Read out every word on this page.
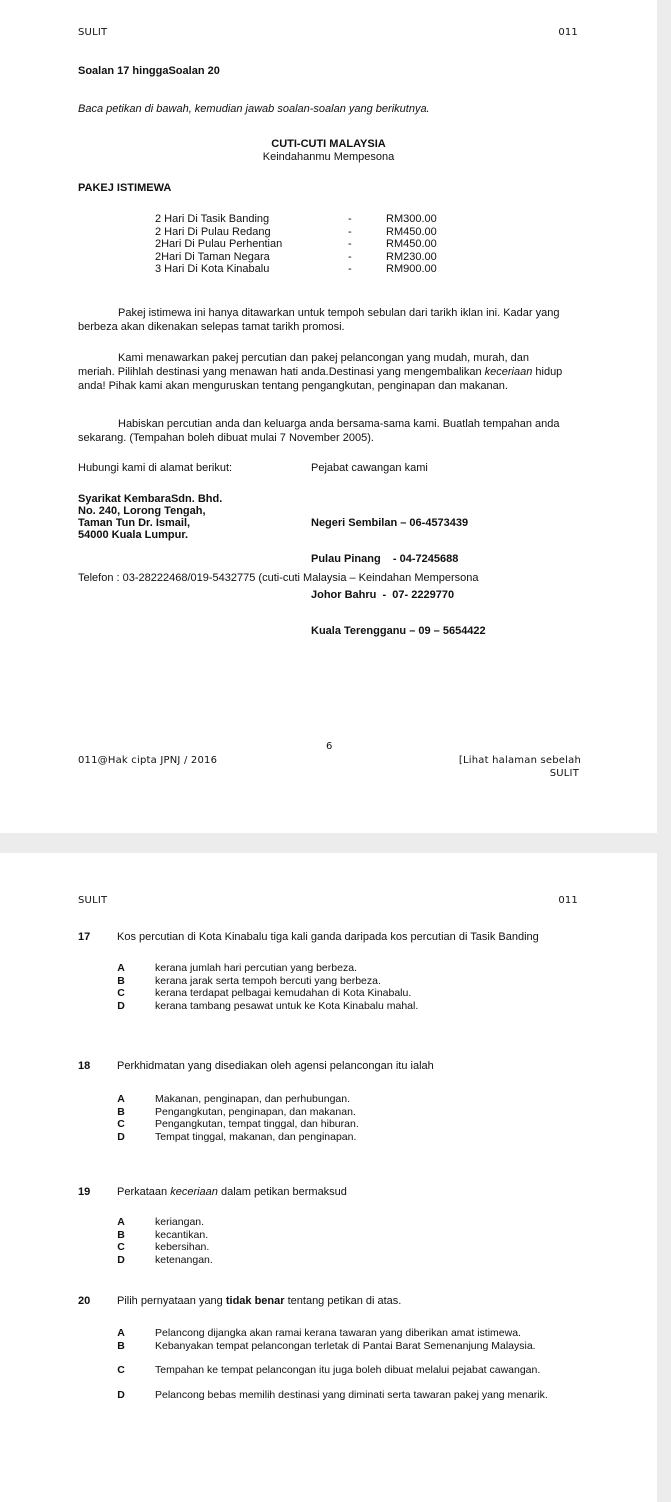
SULIT	011
Soalan 17 hinggaSoalan 20
Baca petikan di bawah, kemudian jawab soalan-soalan yang berikutnya.
CUTI-CUTI MALAYSIA
Keindahanmu Mempesona
PAKEJ ISTIMEWA
2 Hari Di Tasik Banding	-	RM300.00
2 Hari Di Pulau Redang	-	RM450.00
2Hari Di Pulau Perhentian	-	RM450.00
2Hari Di Taman Negara	-	RM230.00
3 Hari Di Kota Kinabalu	-	RM900.00
Pakej istimewa ini hanya ditawarkan untuk tempoh sebulan dari tarikh iklan ini. Kadar yang berbeza akan dikenakan selepas tamat tarikh promosi.
Kami menawarkan pakej percutian dan pakej pelancongan yang mudah, murah, dan meriah. Pilihlah destinasi yang menawan hati anda.Destinasi yang mengembalikan keceriaan hidup anda! Pihak kami akan menguruskan tentang pengangkutan, penginapan dan makanan.
Habiskan percutian anda dan keluarga anda bersama-sama kami. Buatlah tempahan anda sekarang. (Tempahan boleh dibuat mulai 7 November 2005).
Hubungi kami di alamat berikut:	Pejabat cawangan kami
Syarikat KembaraSdn. Bhd.
No. 240, Lorong Tengah,
Taman Tun Dr. Ismail,
54000 Kuala Lumpur.

Negeri Sembilan – 06-4573439

Pulau Pinang    - 04-7245688

Johor Bahru  -  07- 2229770

Kuala Terengganu – 09 – 5654422

Telefon : 03-28222468/019-5432775 (cuti-cuti Malaysia – Keindahan Mempersona
6
011@Hak cipta JPNJ / 2016	[Lihat halaman sebelah
SULIT
SULIT	011
17 Kos percutian di Kota Kinabalu tiga kali ganda daripada kos percutian di Tasik Banding
A	kerana jumlah hari percutian yang berbeza.
B	kerana jarak serta tempoh bercuti yang berbeza.
C	kerana terdapat pelbagai kemudahan di Kota Kinabalu.
D	kerana tambang pesawat untuk ke Kota Kinabalu mahal.
18 Perkhidmatan yang disediakan oleh agensi pelancongan itu ialah
A	Makanan, penginapan, dan perhubungan.
B	Pengangkutan, penginapan, dan makanan.
C	Pengangkutan, tempat tinggal, dan hiburan.
D	Tempat tinggal, makanan, dan penginapan.
19 Perkataan keceriaan dalam petikan bermaksud
A	keriangan.
B	kecantikan.
C	kebersihan.
D	ketenangan.
20 Pilih pernyataan yang tidak benar tentang petikan di atas.
A	Pelancong dijangka akan ramai kerana tawaran yang diberikan amat istimewa.
B	Kebanyakan tempat pelancongan terletak di Pantai Barat Semenanjung Malaysia.
C	Tempahan ke tempat pelancongan itu juga boleh dibuat melalui pejabat cawangan.
D	Pelancong bebas memilih destinasi yang diminati serta tawaran pakej yang menarik.
